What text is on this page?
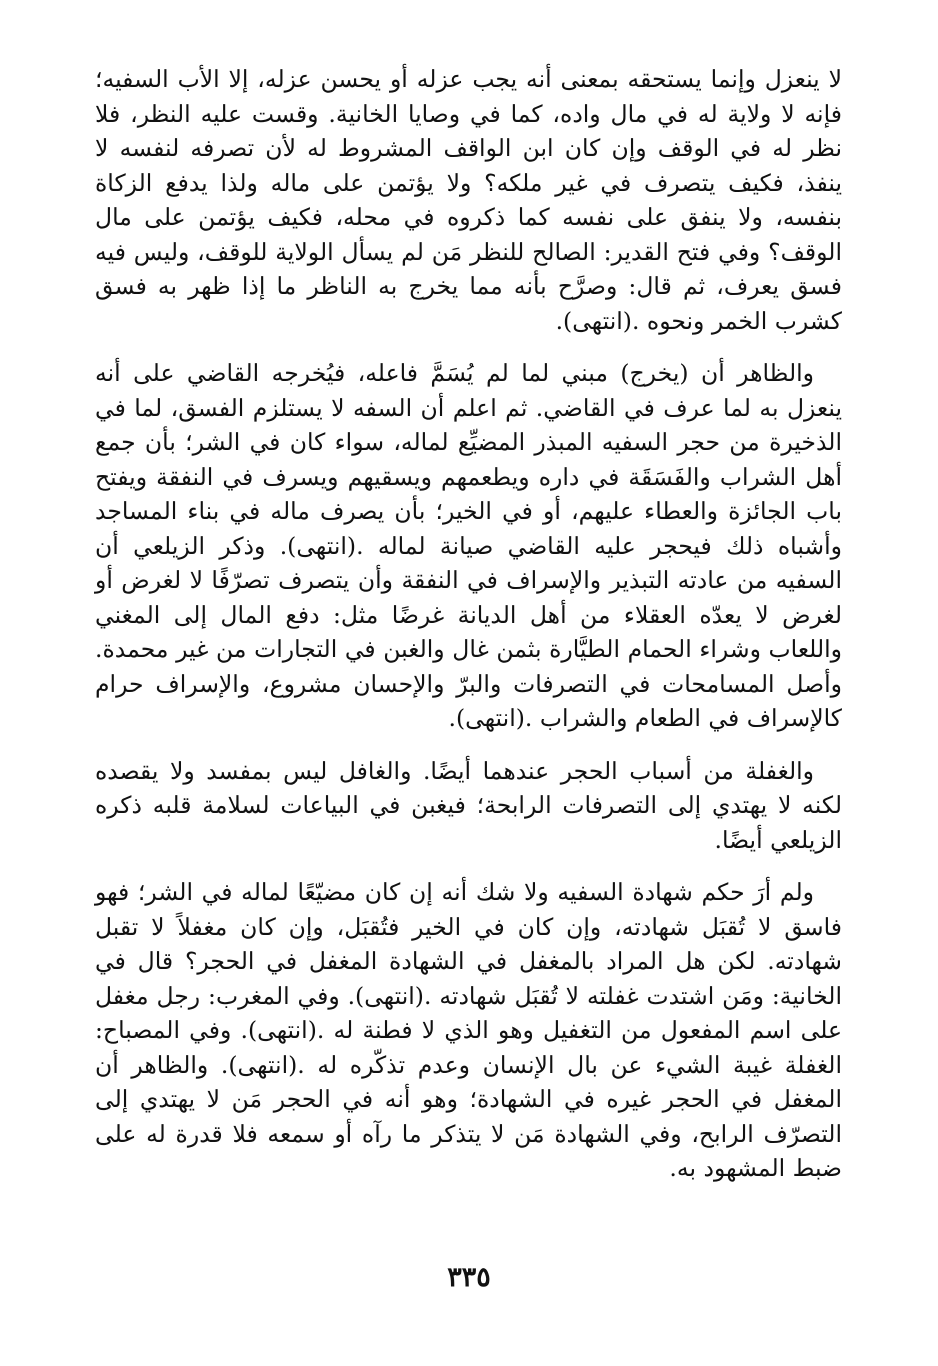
لا ينعزل وإنما يستحقه بمعنى أنه يجب عزله أو يحسن عزله، إلا الأب السفيه؛ فإنه لا ولاية له في مال واده، كما في وصايا الخانية. وقست عليه النظر، فلا نظر له في الوقف وإن كان ابن الواقف المشروط له لأن تصرفه لنفسه لا ينفذ، فكيف يتصرف في غير ملكه؟ ولا يؤتمن على ماله ولذا يدفع الزكاة بنفسه، ولا ينفق على نفسه كما ذكروه في محله، فكيف يؤتمن على مال الوقف؟ وفي فتح القدير: الصالح للنظر مَن لم يسأل الولاية للوقف، وليس فيه فسق يعرف، ثم قال: وصرَّح بأنه مما يخرج به الناظر ما إذا ظهر به فسق كشرب الخمر ونحوه .(انتهى).

والظاهر أن (يخرج) مبني لما لم يُسَمَّ فاعله، فيُخرجه القاضي على أنه ينعزل به لما عرف في القاضي. ثم اعلم أن السفه لا يستلزم الفسق، لما في الذخيرة من حجر السفيه المبذر المضيِّع لماله، سواء كان في الشر؛ بأن جمع أهل الشراب والفَسَقَة في داره ويطعمهم ويسقيهم ويسرف في النفقة ويفتح باب الجائزة والعطاء عليهم، أو في الخير؛ بأن يصرف ماله في بناء المساجد وأشباه ذلك فيحجر عليه القاضي صيانة لماله .(انتهى). وذكر الزيلعي أن السفيه من عادته التبذير والإسراف في النفقة وأن يتصرف تصرّفًا لا لغرض أو لغرض لا يعدّه العقلاء من أهل الديانة غرضًا مثل: دفع المال إلى المغني واللعاب وشراء الحمام الطيَّارة بثمن غال والغبن في التجارات من غير محمدة. وأصل المسامحات في التصرفات والبرّ والإحسان مشروع، والإسراف حرام كالإسراف في الطعام والشراب .(انتهى).

والغفلة من أسباب الحجر عندهما أيضًا. والغافل ليس بمفسد ولا يقصده لكنه لا يهتدي إلى التصرفات الرابحة؛ فيغبن في البياعات لسلامة قلبه ذكره الزيلعي أيضًا.

ولم أرَ حكم شهادة السفيه ولا شك أنه إن كان مضيّعًا لماله في الشر؛ فهو فاسق لا تُقبَل شهادته، وإن كان في الخير فتُقبَل، وإن كان مغفلاً لا تقبل شهادته. لكن هل المراد بالمغفل في الشهادة المغفل في الحجر؟ قال في الخانية: ومَن اشتدت غفلته لا تُقبَل شهادته .(انتهى). وفي المغرب: رجل مغفل على اسم المفعول من التغفيل وهو الذي لا فطنة له .(انتهى). وفي المصباح: الغفلة غيبة الشيء عن بال الإنسان وعدم تذكّره له .(انتهى). والظاهر أن المغفل في الحجر غيره في الشهادة؛ وهو أنه في الحجر مَن لا يهتدي إلى التصرّف الرابح، وفي الشهادة مَن لا يتذكر ما رآه أو سمعه فلا قدرة له على ضبط المشهود به.

٣٣٥
